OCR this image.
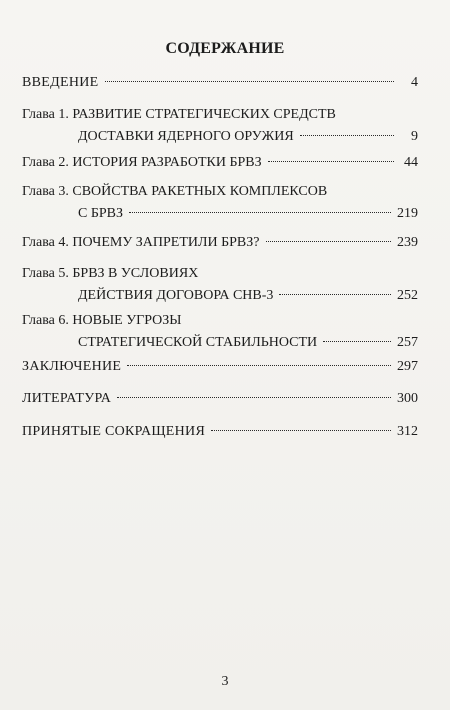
СОДЕРЖАНИЕ
ВВЕДЕНИЕ	4
Глава 1. РАЗВИТИЕ СТРАТЕГИЧЕСКИХ СРЕДСТВ
ДОСТАВКИ ЯДЕРНОГО ОРУЖИЯ	9
Глава 2. ИСТОРИЯ РАЗРАБОТКИ БРВЗ	44
Глава 3. СВОЙСТВА РАКЕТНЫХ КОМПЛЕКСОВ
С БРВЗ	219
Глава 4. ПОЧЕМУ ЗАПРЕТИЛИ БРВЗ?	239
Глава 5. БРВЗ В УСЛОВИЯХ
ДЕЙСТВИЯ ДОГОВОРА СНВ-3	252
Глава 6. НОВЫЕ УГРОЗЫ
СТРАТЕГИЧЕСКОЙ СТАБИЛЬНОСТИ	257
ЗАКЛЮЧЕНИЕ	297
ЛИТЕРАТУРА	300
ПРИНЯТЫЕ СОКРАЩЕНИЯ	312
3
